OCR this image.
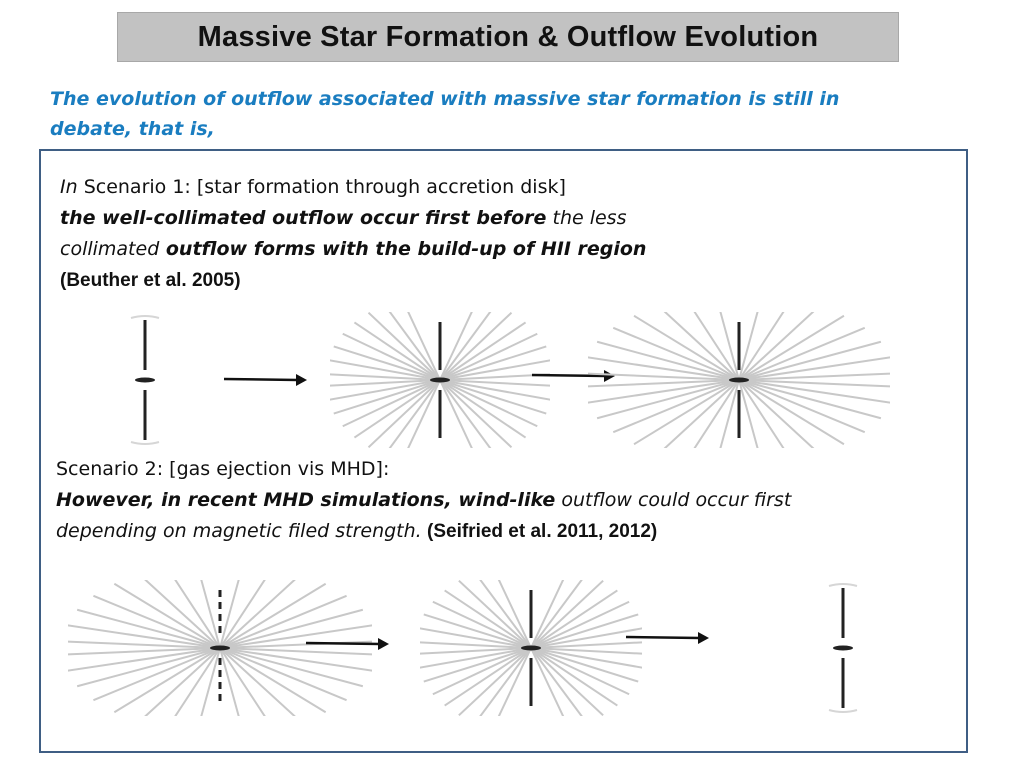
Massive Star Formation & Outflow Evolution

The evolution of outflow associated with massive star formation is still in
debate, that is,

In Scenario 1: [star formation through accretion disk]
the well-collimated outflow occur first before the less
collimated outflow forms with the build-up of HII region
(Beuther et al. 2005)

Scenario 2: [gas ejection vis MHD]:
However, in recent MHD simulations, wind-like outflow could occur first
depending on magnetic filed strength. (Seifried et al. 2011, 2012)
